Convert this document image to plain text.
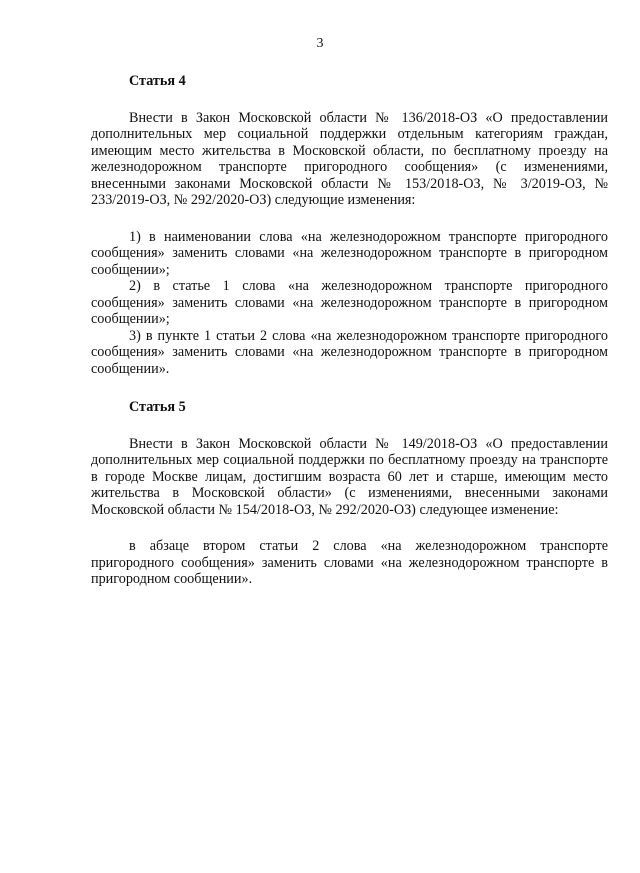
3
Статья 4

Внести в Закон Московской области № 136/2018-ОЗ «О предоставлении дополнительных мер социальной поддержки отдельным категориям граждан, имеющим место жительства в Московской области, по бесплатному проезду на железнодорожном транспорте пригородного сообщения» (с изменениями, внесенными законами Московской области № 153/2018-ОЗ, № 3/2019-ОЗ, № 233/2019-ОЗ, № 292/2020-ОЗ) следующие изменения:

1) в наименовании слова «на железнодорожном транспорте пригородного сообщения» заменить словами «на железнодорожном транспорте в пригородном сообщении»;

2) в статье 1 слова «на железнодорожном транспорте пригородного сообщения» заменить словами «на железнодорожном транспорте в пригородном сообщении»;

3) в пункте 1 статьи 2 слова «на железнодорожном транспорте пригородного сообщения» заменить словами «на железнодорожном транспорте в пригородном сообщении».

Статья 5

Внести в Закон Московской области № 149/2018-ОЗ «О предоставлении дополнительных мер социальной поддержки по бесплатному проезду на транспорте в городе Москве лицам, достигшим возраста 60 лет и старше, имеющим место жительства в Московской области» (с изменениями, внесенными законами Московской области № 154/2018-ОЗ, № 292/2020-ОЗ) следующее изменение:

в абзаце втором статьи 2 слова «на железнодорожном транспорте пригородного сообщения» заменить словами «на железнодорожном транспорте в пригородном сообщении».
